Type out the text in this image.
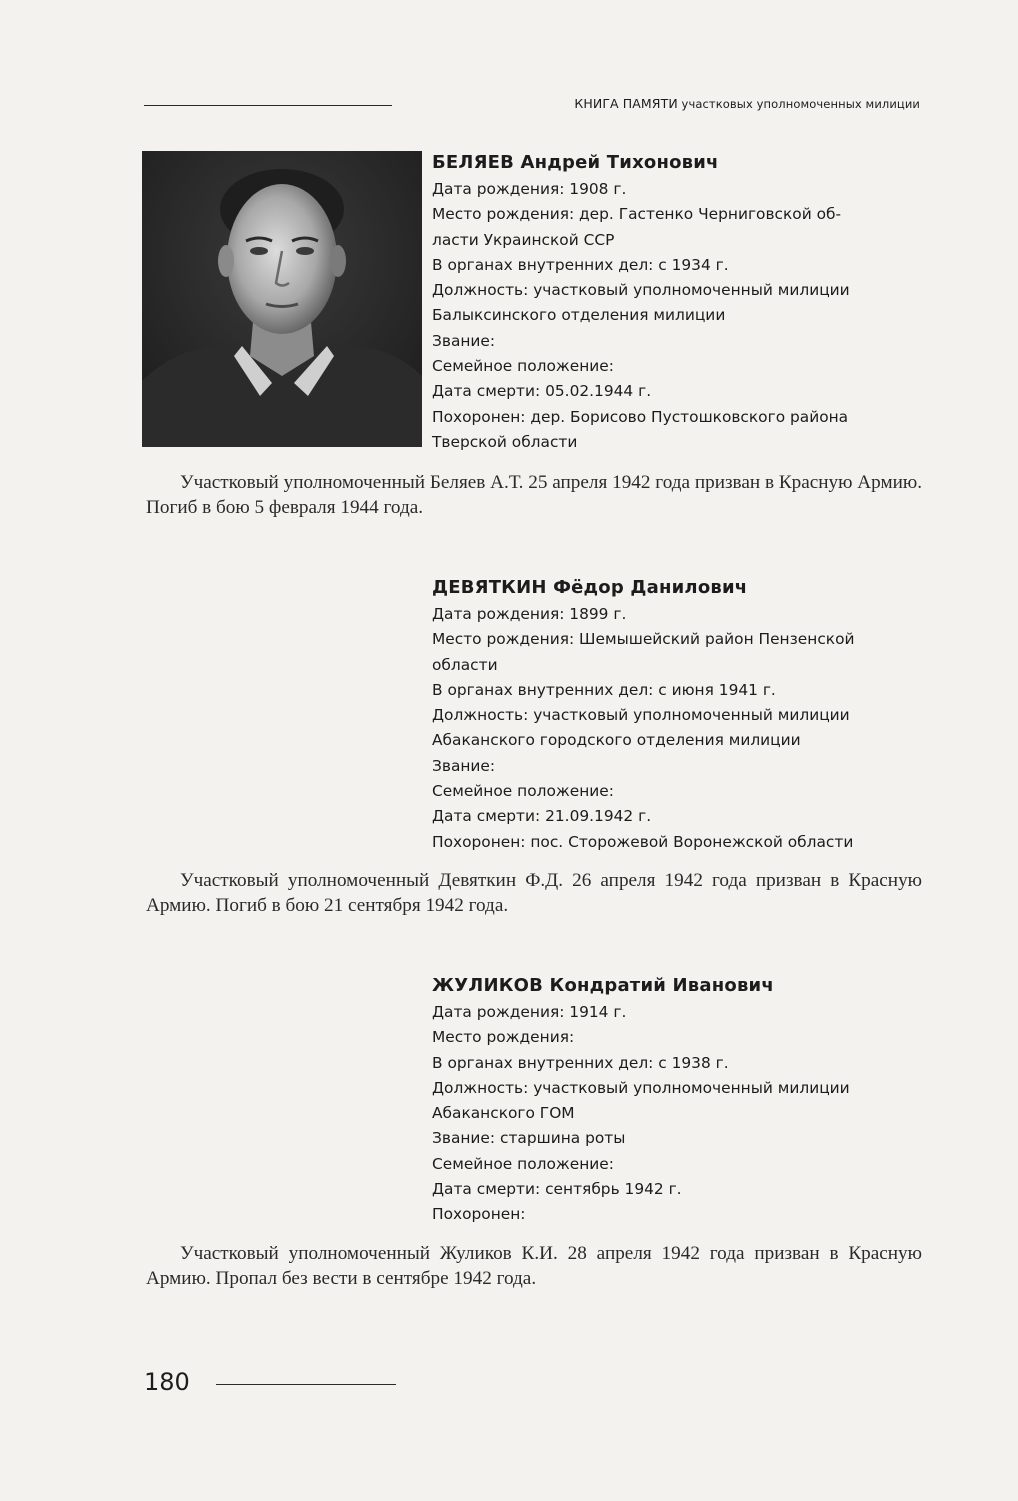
КНИГА ПАМЯТИ участковых уполномоченных милиции
БЕЛЯЕВ Андрей Тихонович
Дата рождения: 1908 г.
Место рождения: дер. Гастенко Черниговской об-
ласти Украинской ССР
В органах внутренних дел: с 1934 г.
Должность: участковый уполномоченный милиции
Балыксинского отделения милиции
Звание:
Семейное положение:
Дата смерти: 05.02.1944 г.
Похоронен: дер. Борисово Пустошковского района
Тверской области
Участковый уполномоченный Беляев А.Т. 25 апреля 1942 года призван в Красную Армию. Погиб в бою 5 февраля 1944 года.
ДЕВЯТКИН Фёдор Данилович
Дата рождения: 1899 г.
Место рождения: Шемышейский район Пензенской
области
В органах внутренних дел: с июня 1941 г.
Должность: участковый уполномоченный милиции
Абаканского городского отделения милиции
Звание:
Семейное положение:
Дата смерти: 21.09.1942 г.
Похоронен: пос. Сторожевой Воронежской области
Участковый уполномоченный Девяткин Ф.Д. 26 апреля 1942 года призван в Красную Армию. Погиб в бою 21 сентября 1942 года.
ЖУЛИКОВ Кондратий Иванович
Дата рождения: 1914 г.
Место рождения:
В органах внутренних дел: с 1938 г.
Должность: участковый уполномоченный милиции
Абаканского ГОМ
Звание: старшина роты
Семейное положение:
Дата смерти: сентябрь 1942 г.
Похоронен:
Участковый уполномоченный Жуликов К.И. 28 апреля 1942 года призван в Красную Армию. Пропал без вести в сентябре 1942 года.
180
